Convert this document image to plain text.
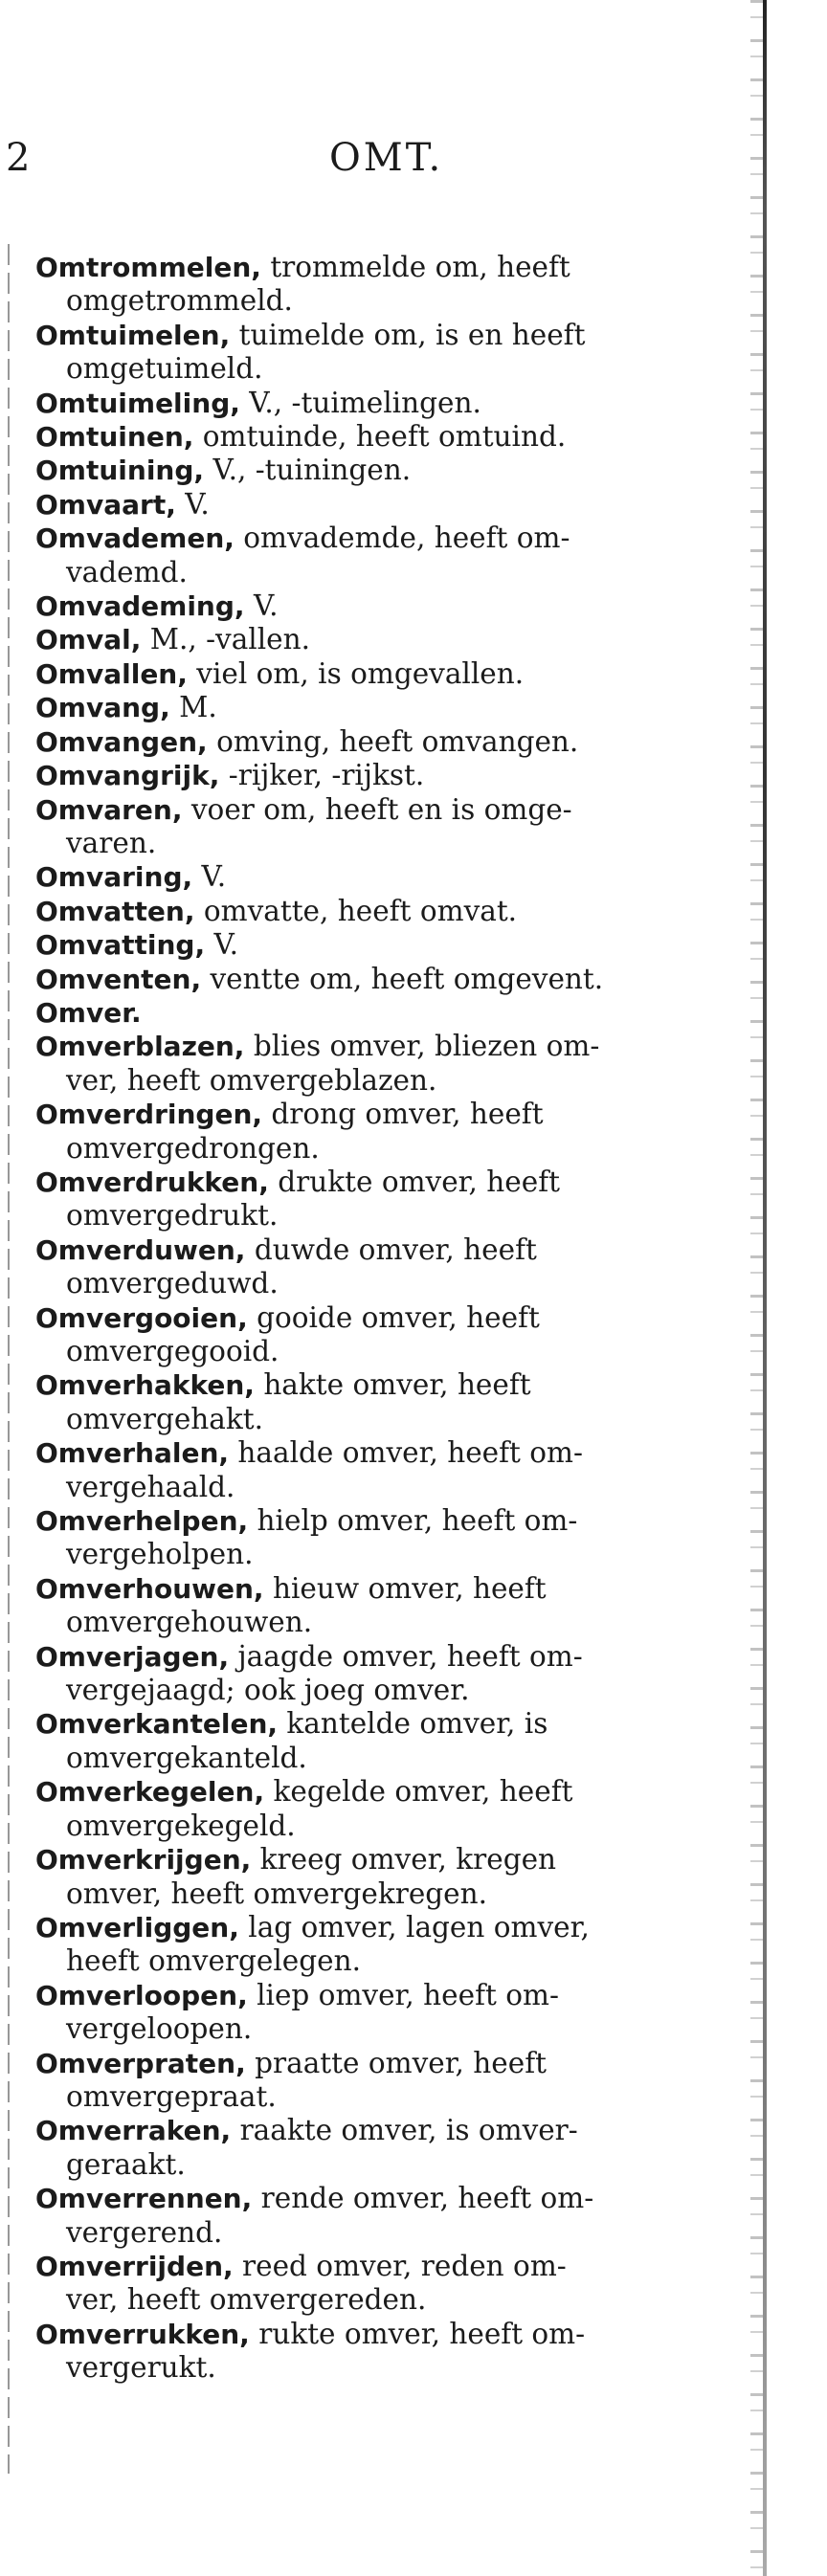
2	OMT.
Omtrommelen, trommelde om, heeft
omgetrommeld.
Omtuimelen, tuimelde om, is en heeft
omgetuimeld.
Omtuimeling, V., -tuimelingen.
Omtuinen, omtuinde, heeft omtuind.
Omtuining, V., -tuiningen.
Omvaart, V.
Omvademen, omvademde, heeft om-
vademd.
Omvademing, V.
Omval, M., -vallen.
Omvallen, viel om, is omgevallen.
Omvang, M.
Omvangen, omving, heeft omvangen.
Omvangrijk, -rijker, -rijkst.
Omvaren, voer om, heeft en is omge-
varen.
Omvaring, V.
Omvatten, omvatte, heeft omvat.
Omvatting, V.
Omventen, ventte om, heeft omgevent.
Omver.
Omverblazen, blies omver, bliezen om-
ver, heeft omvergeblazen.
Omverdringen, drong omver, heeft
omvergedrongen.
Omverdrukken, drukte omver, heeft
omvergedrukt.
Omverduwen, duwde omver, heeft
omvergeduwd.
Omvergooien, gooide omver, heeft
omvergegooid.
Omverhakken, hakte omver, heeft
omvergehakt.
Omverhalen, haalde omver, heeft om-
vergehaald.
Omverhelpen, hielp omver, heeft om-
vergeholpen.
Omverhouwen, hieuw omver, heeft
omvergehouwen.
Omverjagen, jaagde omver, heeft om-
vergejaagd; ook joeg omver.
Omverkantelen, kantelde omver, is
omvergekanteld.
Omverkegelen, kegelde omver, heeft
omvergekegeld.
Omverkrijgen, kreeg omver, kregen
omver, heeft omvergekregen.
Omverliggen, lag omver, lagen omver,
heeft omvergelegen.
Omverloopen, liep omver, heeft om-
vergeloopen.
Omverpraten, praatte omver, heeft
omvergepraat.
Omverraken, raakte omver, is omver-
geraakt.
Omverrennen, rende omver, heeft om-
vergerend.
Omverrijden, reed omver, reden om-
ver, heeft omvergereden.
Omverrukken, rukte omver, heeft om-
vergerukt.
